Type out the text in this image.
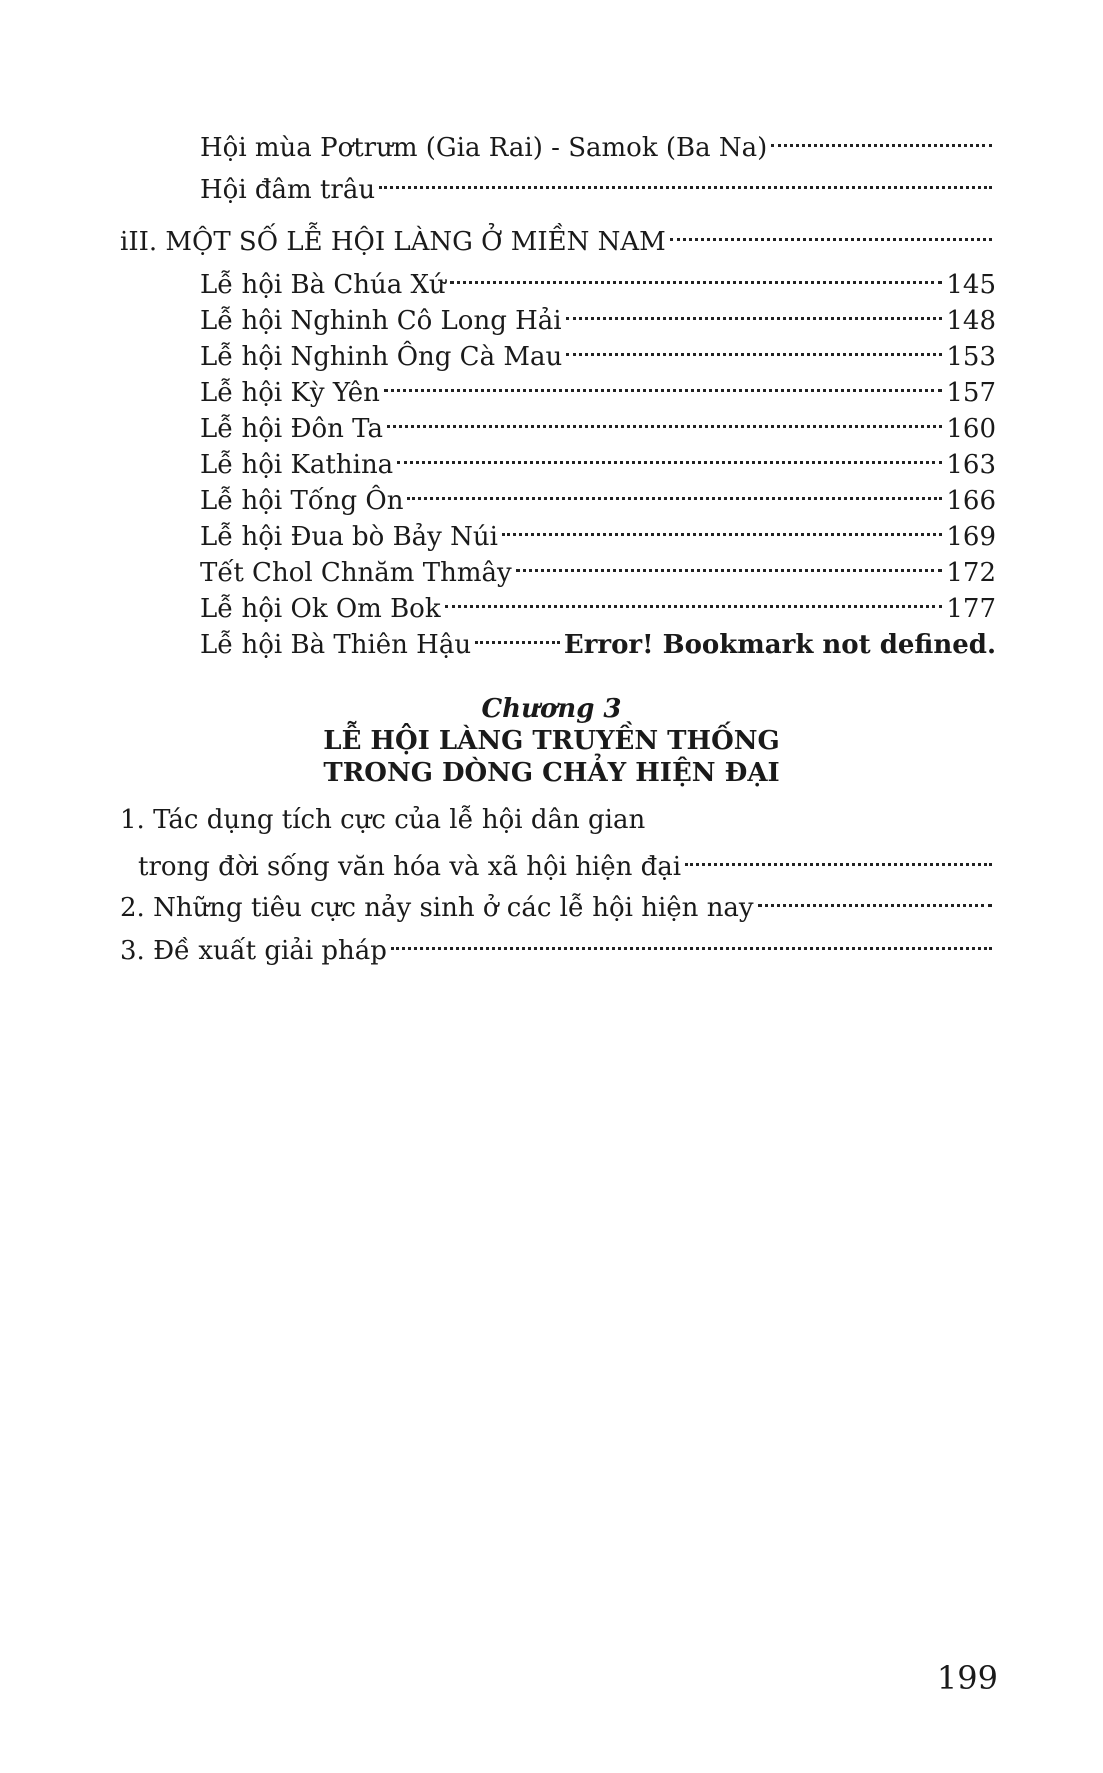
Hội mùa Pơtrưm (Gia Rai) - Samok (Ba Na)
Hội đâm trâu
iII. MỘT SỐ LỄ HỘI LÀNG Ở MIỀN NAM
Lễ hội Bà Chúa Xứ	145
Lễ hội Nghinh Cô Long Hải	148
Lễ hội Nghinh Ông Cà Mau	153
Lễ hội Kỳ Yên	157
Lễ hội Đôn Ta	160
Lễ hội Kathina	163
Lễ hội Tống Ôn	166
Lễ hội Đua bò Bảy Núi	169
Tết Chol Chnăm Thmây	172
Lễ hội Ok Om Bok	177
Lễ hội Bà Thiên Hậu	Error! Bookmark not defined.
Chương 3
LỄ HỘI LÀNG TRUYỀN THỐNG
TRONG DÒNG CHẢY HIỆN ĐẠI
1. Tác dụng tích cực của lễ hội dân gian
trong đời sống văn hóa và xã hội hiện đại
2. Những tiêu cực nảy sinh ở các lễ hội hiện nay
3. Đề xuất giải pháp
199
